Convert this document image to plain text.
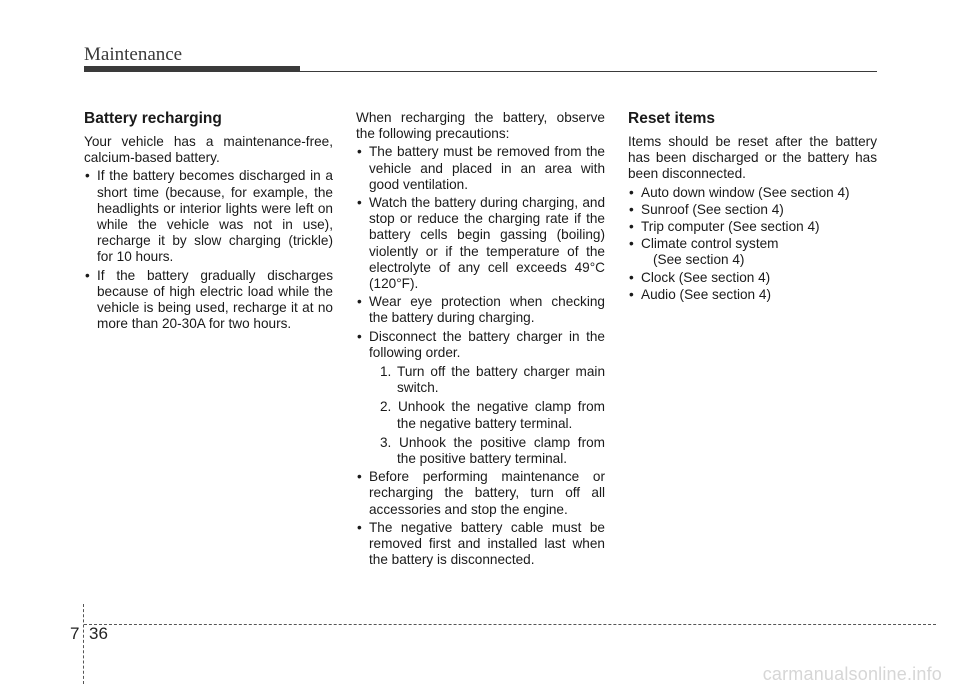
Maintenance
Battery recharging

Your vehicle has a maintenance-free, calcium-based battery.

• If the battery becomes discharged in a short time (because, for example, the headlights or interior lights were left on while the vehicle was not in use), recharge it by slow charging (trickle) for 10 hours.
• If the battery gradually discharges because of high electric load while the vehicle is being used, recharge it at no more than 20-30A for two hours.

When recharging the battery, observe the following precautions:

• The battery must be removed from the vehicle and placed in an area with good ventilation.
• Watch the battery during charging, and stop or reduce the charging rate if the battery cells begin gassing (boiling) violently or if the temperature of the electrolyte of any cell exceeds 49°C (120°F).
• Wear eye protection when checking the battery during charging.
• Disconnect the battery charger in the following order.
1. Turn off the battery charger main switch.
2. Unhook the negative clamp from the negative battery terminal.
3. Unhook the positive clamp from the positive battery terminal.
• Before performing maintenance or recharging the battery, turn off all accessories and stop the engine.
• The negative battery cable must be removed first and installed last when the battery is disconnected.
Reset items

Items should be reset after the battery has been discharged or the battery has been disconnected.

• Auto down window (See section 4)
• Sunroof (See section 4)
• Trip computer (See section 4)
• Climate control system
(See section 4)
• Clock (See section 4)
• Audio (See section 4)
7 36
carmanualsonline.info
